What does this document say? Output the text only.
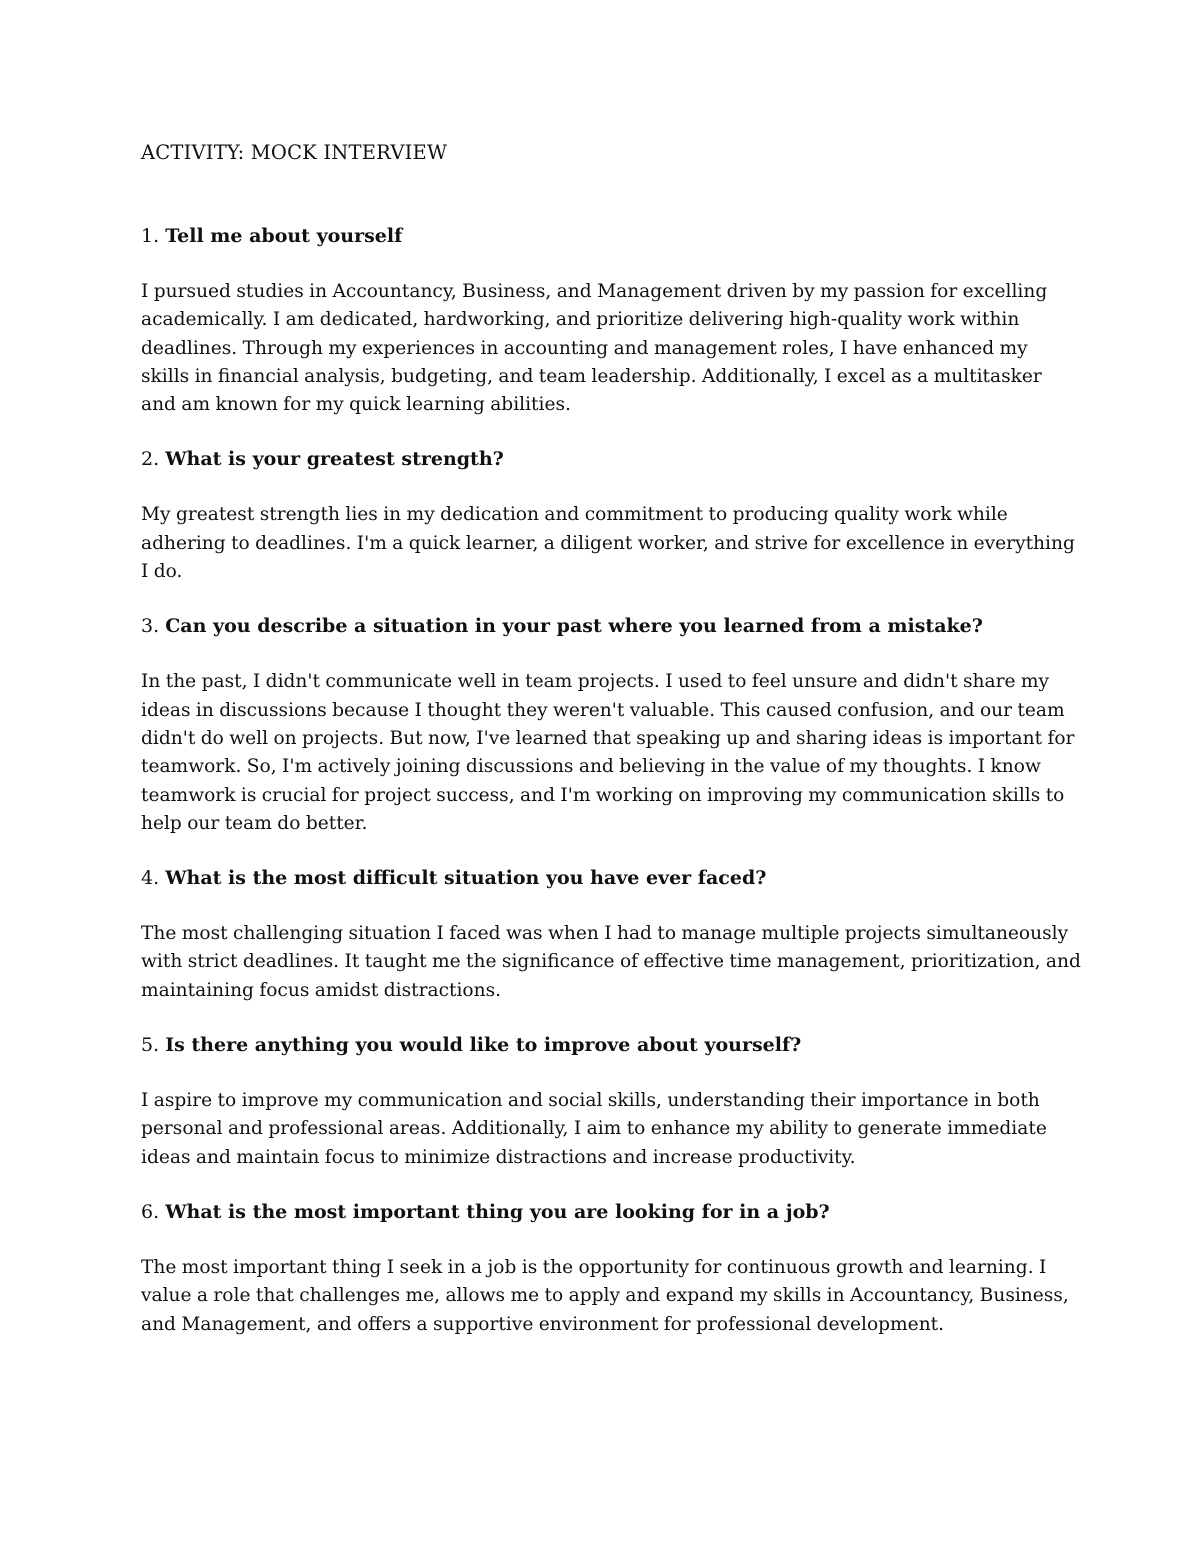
ACTIVITY: MOCK INTERVIEW

1. Tell me about yourself

I pursued studies in Accountancy, Business, and Management driven by my passion for excelling academically. I am dedicated, hardworking, and prioritize delivering high-quality work within deadlines. Through my experiences in accounting and management roles, I have enhanced my skills in financial analysis, budgeting, and team leadership. Additionally, I excel as a multitasker and am known for my quick learning abilities.

2. What is your greatest strength?

My greatest strength lies in my dedication and commitment to producing quality work while adhering to deadlines. I'm a quick learner, a diligent worker, and strive for excellence in everything I do.

3. Can you describe a situation in your past where you learned from a mistake?

In the past, I didn't communicate well in team projects. I used to feel unsure and didn't share my ideas in discussions because I thought they weren't valuable. This caused confusion, and our team didn't do well on projects. But now, I've learned that speaking up and sharing ideas is important for teamwork. So, I'm actively joining discussions and believing in the value of my thoughts. I know teamwork is crucial for project success, and I'm working on improving my communication skills to help our team do better.

4. What is the most difficult situation you have ever faced?

The most challenging situation I faced was when I had to manage multiple projects simultaneously with strict deadlines. It taught me the significance of effective time management, prioritization, and maintaining focus amidst distractions.

5. Is there anything you would like to improve about yourself?

I aspire to improve my communication and social skills, understanding their importance in both personal and professional areas. Additionally, I aim to enhance my ability to generate immediate ideas and maintain focus to minimize distractions and increase productivity.

6. What is the most important thing you are looking for in a job?

The most important thing I seek in a job is the opportunity for continuous growth and learning. I value a role that challenges me, allows me to apply and expand my skills in Accountancy, Business, and Management, and offers a supportive environment for professional development.
